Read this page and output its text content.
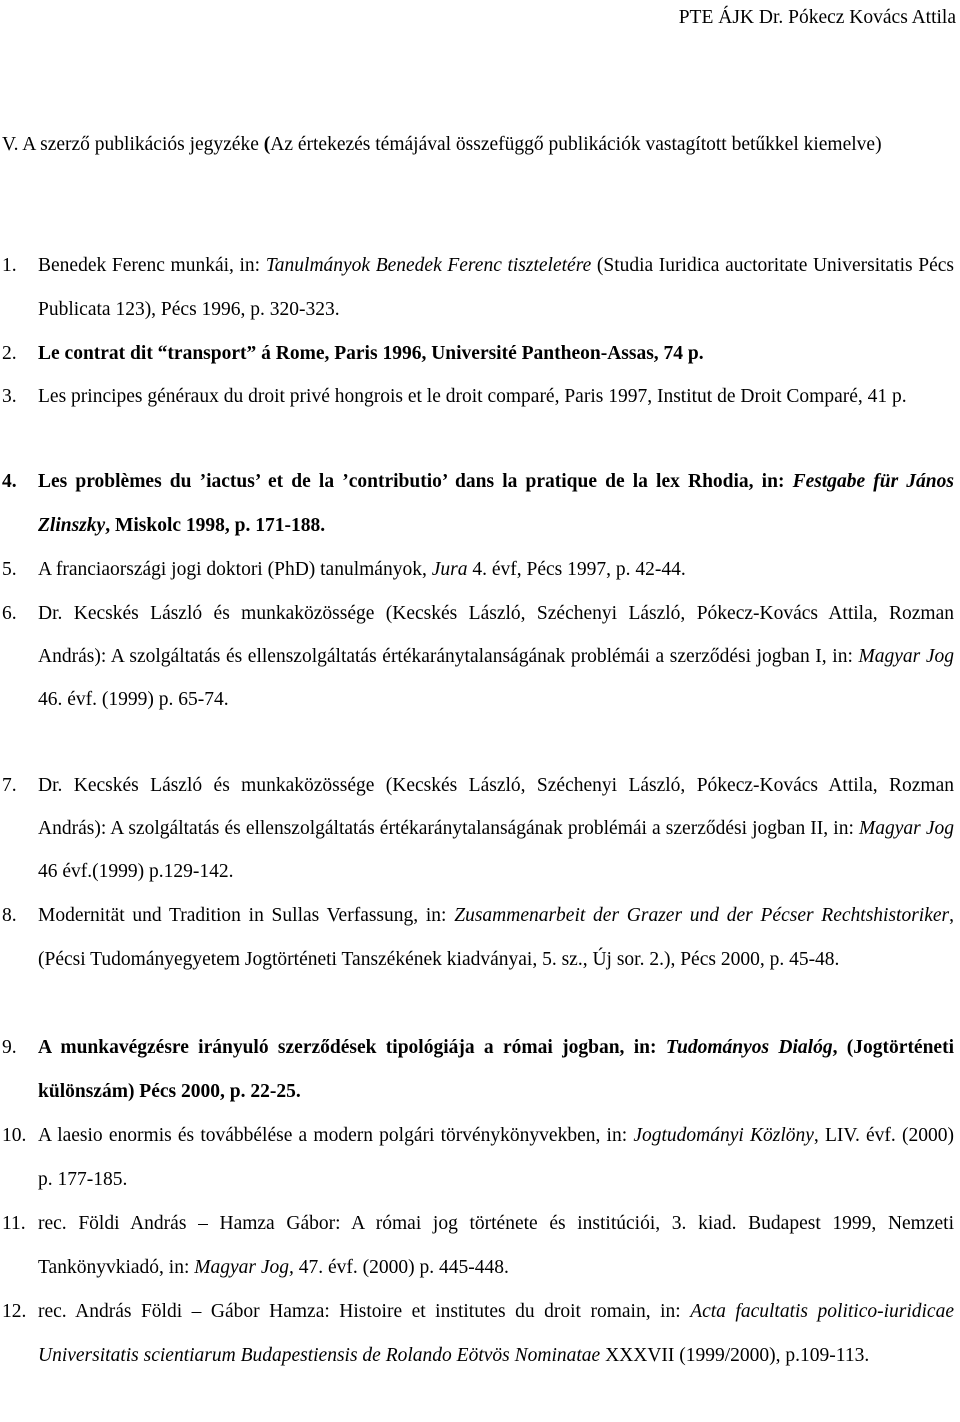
PTE ÁJK Dr. Pókecz Kovács Attila

V. A szerző publikációs jegyzéke (Az értekezés témájával összefüggő publikációk vastagított betűkkel kiemelve)

1.	Benedek Ferenc munkái, in: Tanulmányok Benedek Ferenc tiszteletére (Studia Iuridica auctoritate Universitatis Pécs Publicata 123), Pécs 1996, p. 320-323.
2.	Le contrat dit “transport” á Rome, Paris 1996, Université Pantheon-Assas, 74 p.
3.	Les principes généraux du droit privé hongrois et le droit comparé, Paris 1997, Institut de Droit Comparé, 41 p.
4.	Les problèmes du ’iactus’ et de la ’contributio’ dans la pratique de la lex Rhodia, in: Festgabe für János Zlinszky, Miskolc 1998, p. 171-188.
5.	A franciaországi jogi doktori (PhD) tanulmányok, Jura 4. évf, Pécs 1997, p. 42-44.
6.	Dr. Kecskés László és munkaközössége (Kecskés László, Széchenyi László, Pókecz-Kovács Attila, Rozman András): A szolgáltatás és ellenszolgáltatás értékaránytalanságának problémái a szerződési jogban I, in: Magyar Jog 46. évf. (1999) p. 65-74.
7.	Dr. Kecskés László és munkaközössége (Kecskés László, Széchenyi László, Pókecz-Kovács Attila, Rozman András): A szolgáltatás és ellenszolgáltatás értékaránytalanságának problémái a szerződési jogban II, in: Magyar Jog 46 évf.(1999) p.129-142.
8.	Modernität und Tradition in Sullas Verfassung, in: Zusammenarbeit der Grazer und der Pécser Rechtshistoriker, (Pécsi Tudományegyetem Jogtörténeti Tanszékének kiadványai, 5. sz., Új sor. 2.), Pécs 2000, p. 45-48.
9.	A munkavégzésre irányuló szerződések tipológiája a római jogban, in: Tudományos Dialóg, (Jogtörténeti különszám) Pécs 2000, p. 22-25.
10. A laesio enormis és továbbélése a modern polgári törvénykönyvekben, in: Jogtudományi Közlöny, LIV. évf. (2000) p. 177-185.
11. rec. Földi András – Hamza Gábor: A római jog története és institúciói, 3. kiad. Budapest 1999, Nemzeti Tankönyvkiadó, in: Magyar Jog, 47. évf. (2000) p. 445-448.
12. rec. András Földi – Gábor Hamza: Histoire et institutes du droit romain, in: Acta facultatis politico-iuridicae Universitatis scientiarum Budapestiensis de Rolando Eötvös Nominatae XXXVII (1999/2000), p.109-113.
